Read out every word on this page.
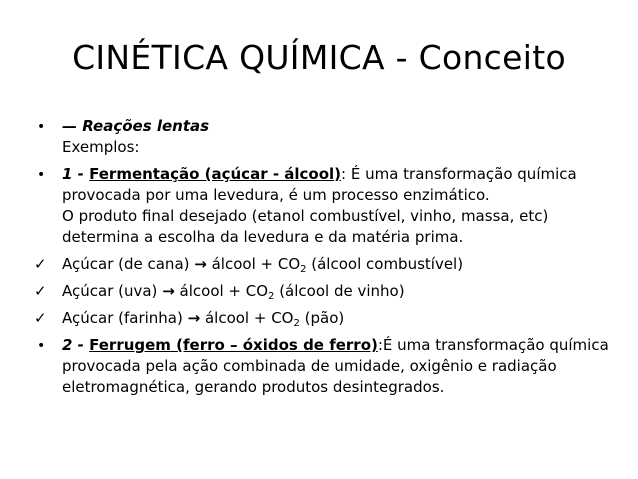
CINÉTICA QUÍMICA - Conceito
•	— Reações lentas
Exemplos:
•	1 - Fermentação (açúcar - álcool): É uma transformação química provocada por uma levedura, é um processo enzimático.
O produto final desejado (etanol combustível, vinho, massa, etc) determina a escolha da levedura e da matéria prima.
✓	Açúcar (de cana) → álcool + $CO_2$ (álcool combustível)
✓	Açúcar (uva) → álcool + $CO_2$ (álcool de vinho)
✓	Açúcar (farinha) → álcool + $CO_2$ (pão)
•	2 - Ferrugem (ferro – óxidos de ferro):É uma transformação química provocada pela ação combinada de umidade, oxigênio e radiação eletromagnética, gerando produtos desintegrados.
